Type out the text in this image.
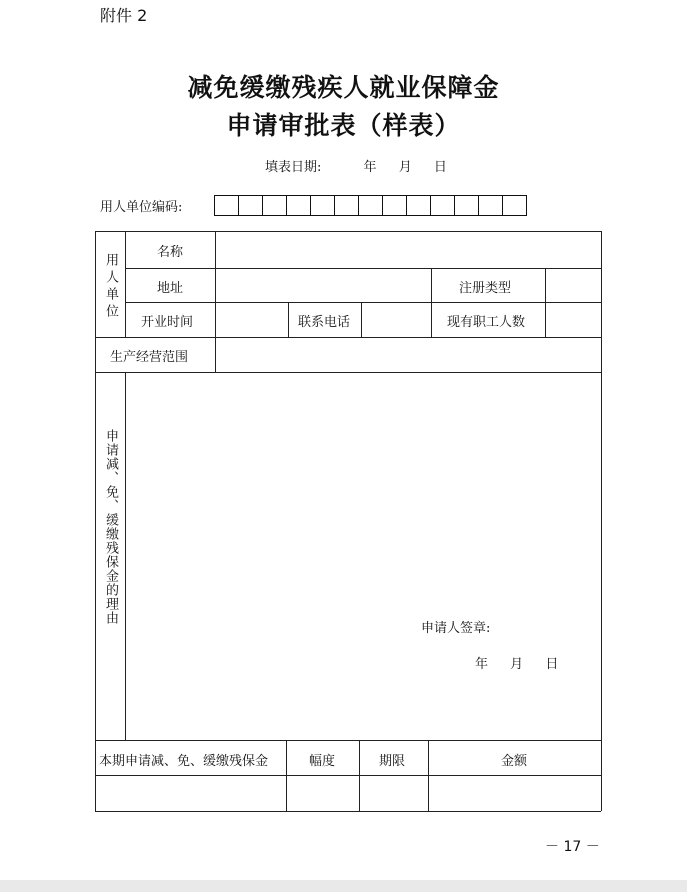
附件 2
减免缓缴残疾人就业保障金
申请审批表（样表）
填表日期:	年 月 日
用人单位编码:
用人单位
名称
地址	注册类型
开业时间	联系电话	现有职工人数
生产经营范围
申请减、免、缓缴残保金的理由
申请人签章:
年 月 日
本期申请减、免、缓缴残保金	幅度	期限	金额
－ 17 －
